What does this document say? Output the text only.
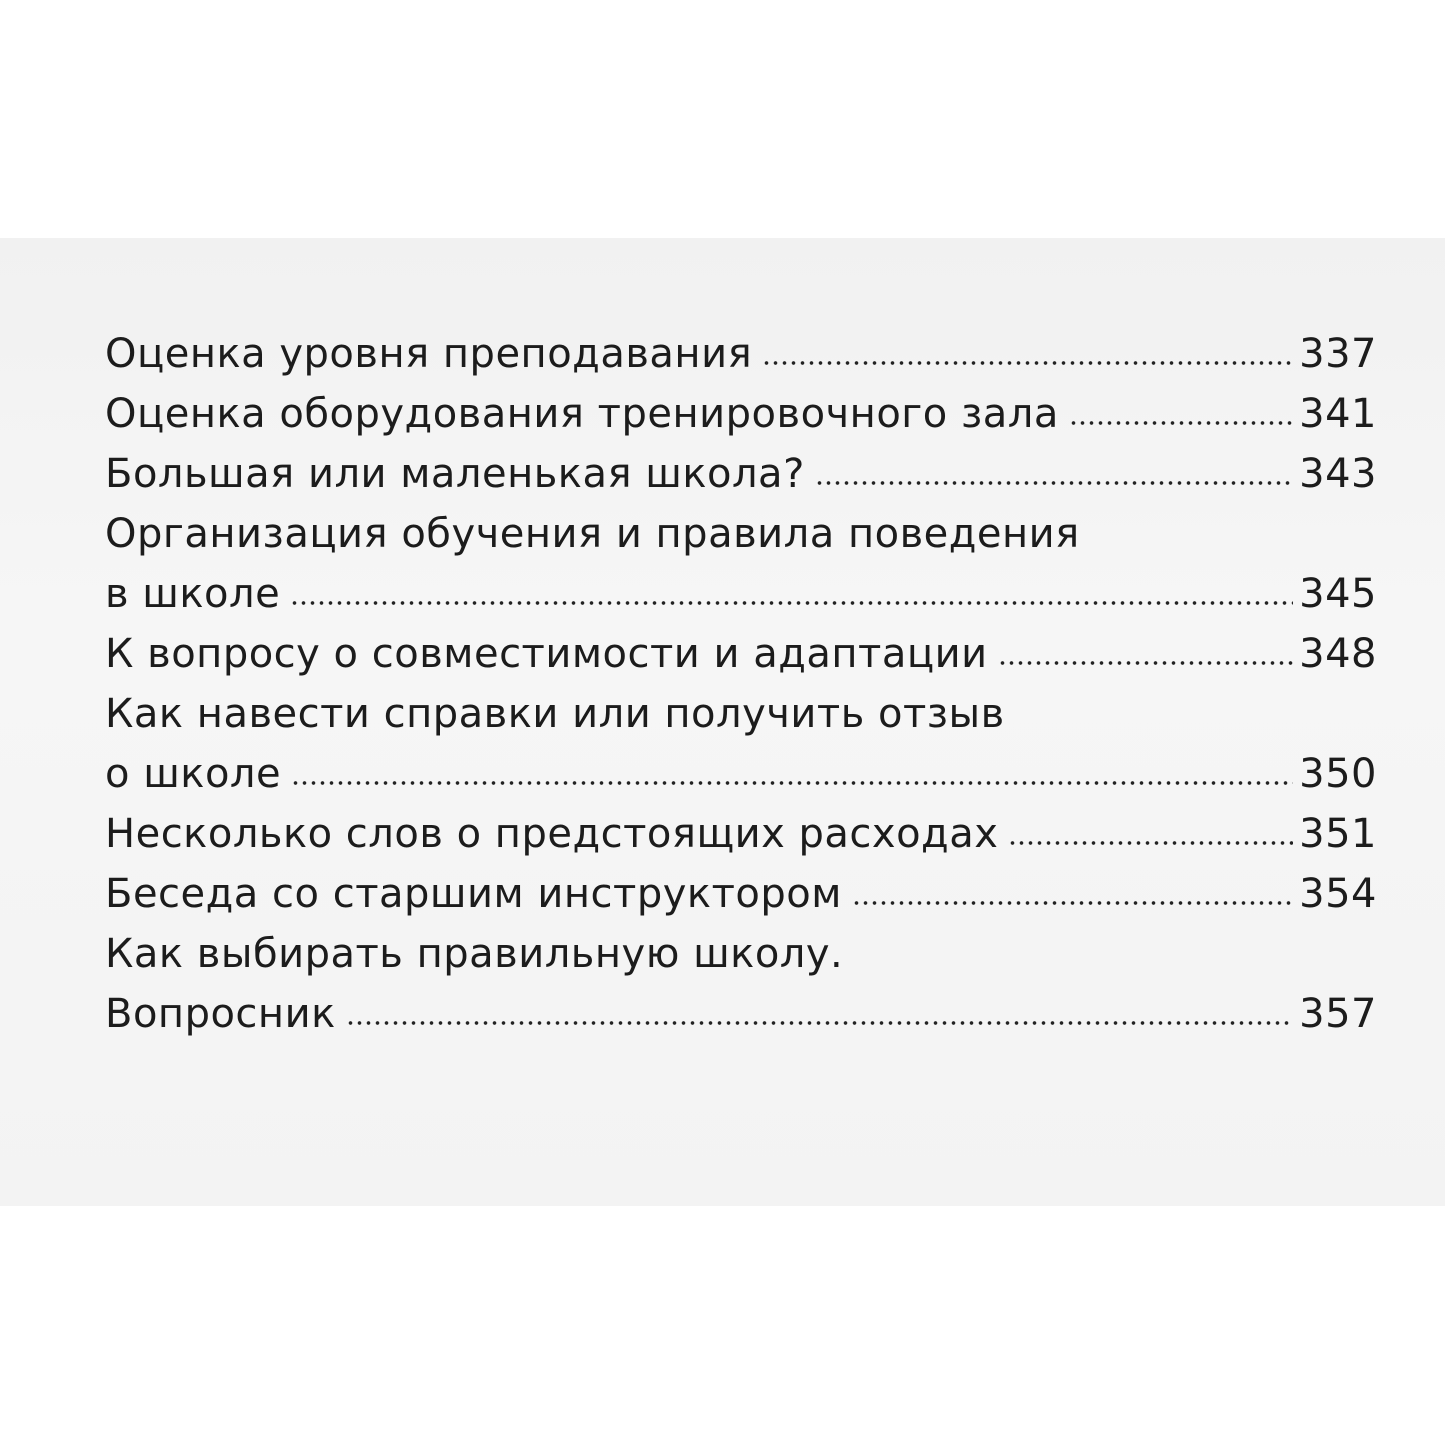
Оценка уровня преподавания	337
Оценка оборудования тренировочного зала	341
Большая или маленькая школа?	343
Организация обучения и правила поведения
в школе	345
К вопросу о совместимости и адаптации	348
Как навести справки или получить отзыв
о школе	350
Несколько слов о предстоящих расходах	351
Беседа со старшим инструктором	354
Как выбирать правильную школу.
Вопросник	357
